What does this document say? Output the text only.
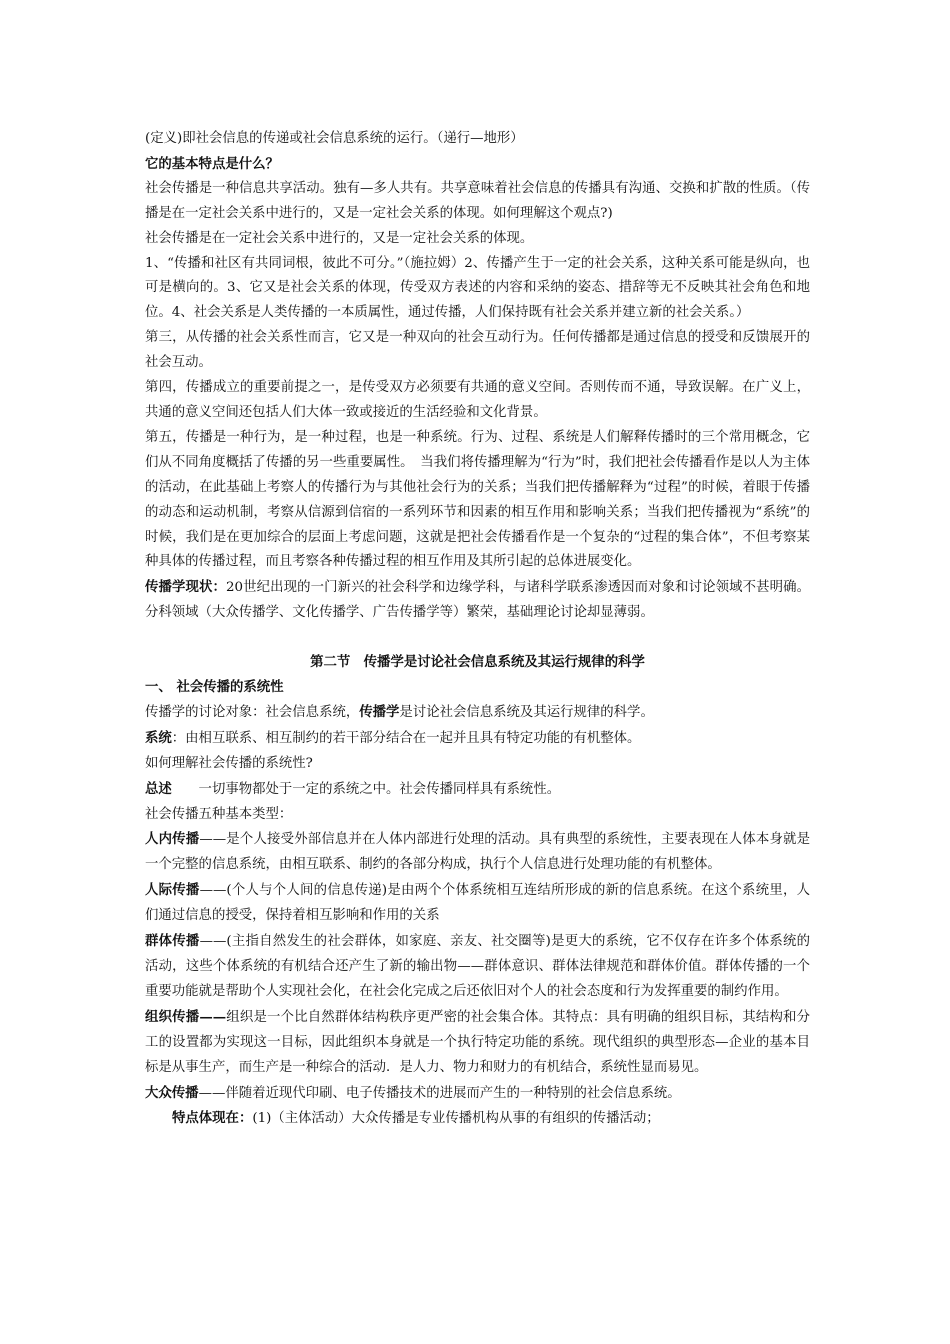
(定义)即社会信息的传递或社会信息系统的运行。（递行—地形）

它的基本特点是什么？

社会传播是一种信息共享活动。独有—多人共有。共享意味着社会信息的传播具有沟通、交换和扩散的性质。（传播是在一定社会关系中进行的，又是一定社会关系的体现。如何理解这个观点?)

社会传播是在一定社会关系中进行的，又是一定社会关系的体现。

1、“传播和社区有共同词根，彼此不可分。”（施拉姆）2、传播产生于一定的社会关系，这种关系可能是纵向，也可是横向的。3、它又是社会关系的体现，传受双方表述的内容和采纳的姿态、措辞等无不反映其社会角色和地位。4、社会关系是人类传播的一本质属性，通过传播，人们保持既有社会关系并建立新的社会关系。）

第三，从传播的社会关系性而言，它又是一种双向的社会互动行为。任何传播都是通过信息的授受和反馈展开的社会互动。

第四，传播成立的重要前提之一，是传受双方必须要有共通的意义空间。否则传而不通，导致误解。在广义上，共通的意义空间还包括人们大体一致或接近的生活经验和文化背景。

第五，传播是一种行为，是一种过程，也是一种系统。行为、过程、系统是人们解释传播时的三个常用概念，它们从不同角度概括了传播的另一些重要属性。　当我们将传播理解为“行为”时，我们把社会传播看作是以人为主体的活动，在此基础上考察人的传播行为与其他社会行为的关系；当我们把传播解释为“过程”的时候，着眼于传播的动态和运动机制，考察从信源到信宿的一系列环节和因素的相互作用和影响关系；当我们把传播视为“系统”的时候，我们是在更加综合的层面上考虑问题，这就是把社会传播看作是一个复杂的“过程的集合体”，不但考察某种具体的传播过程，而且考察各种传播过程的相互作用及其所引起的总体进展变化。

传播学现状：20世纪出现的一门新兴的社会科学和边缘学科，与诸科学联系渗透因而对象和讨论领域不甚明确。分科领域（大众传播学、文化传播学、广告传播学等）繁荣，基础理论讨论却显薄弱。

第二节　传播学是讨论社会信息系统及其运行规律的科学

一、 社会传播的系统性

传播学的讨论对象：社会信息系统，传播学是讨论社会信息系统及其运行规律的科学。

系统：由相互联系、相互制约的若干部分结合在一起并且具有特定功能的有机整体。

如何理解社会传播的系统性?

总述　　一切事物都处于一定的系统之中。社会传播同样具有系统性。

社会传播五种基本类型：

人内传播——是个人接受外部信息并在人体内部进行处理的活动。具有典型的系统性，主要表现在人体本身就是一个完整的信息系统，由相互联系、制约的各部分构成，执行个人信息进行处理功能的有机整体。

人际传播——(个人与个人间的信息传递)是由两个个体系统相互连结所形成的新的信息系统。在这个系统里，人们通过信息的授受，保持着相互影响和作用的关系

群体传播——(主指自然发生的社会群体，如家庭、亲友、社交圈等)是更大的系统，它不仅存在许多个体系统的活动，这些个体系统的有机结合还产生了新的输出物——群体意识、群体法律规范和群体价值。群体传播的一个重要功能就是帮助个人实现社会化，在社会化完成之后还依旧对个人的社会态度和行为发挥重要的制约作用。

组织传播——组织是一个比自然群体结构秩序更严密的社会集合体。其特点：具有明确的组织目标，其结构和分工的设置都为实现这一目标，因此组织本身就是一个执行特定功能的系统。现代组织的典型形态—企业的基本目标是从事生产，而生产是一种综合的活动．是人力、物力和财力的有机结合，系统性显而易见。

大众传播——伴随着近现代印刷、电子传播技术的进展而产生的一种特别的社会信息系统。

特点体现在：(1)（主体活动）大众传播是专业传播机构从事的有组织的传播活动；
